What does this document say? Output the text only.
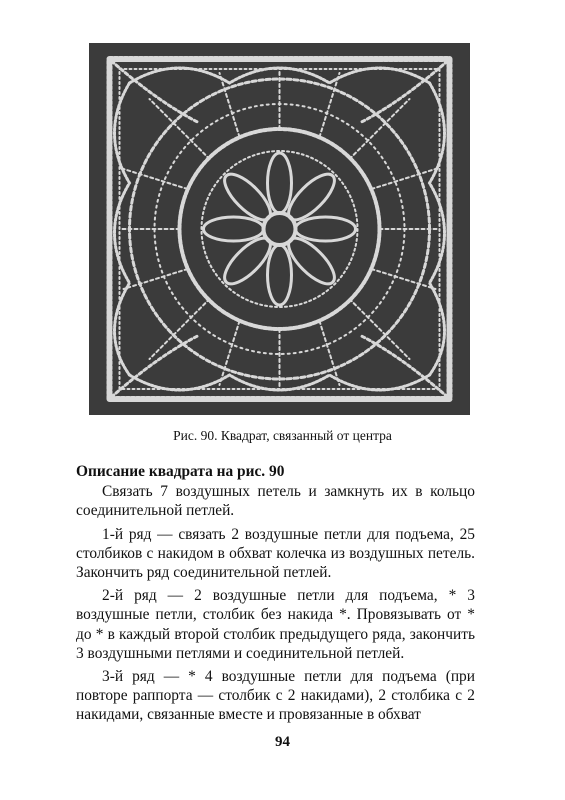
Рис. 90. Квадрат, связанный от центра

Описание квадрата на рис. 90

Связать 7 воздушных петель и замкнуть их в кольцо соединительной петлей.

1-й ряд — связать 2 воздушные петли для подъема, 25 столбиков с накидом в обхват колечка из воздушных петель. Закончить ряд соединительной петлей.

2-й ряд — 2 воздушные петли для подъема, * 3 воздушные петли, столбик без накида *. Провязывать от * до * в каждый второй столбик предыдущего ряда, закончить 3 воздушными петлями и соединительной петлей.

3-й ряд — * 4 воздушные петли для подъема (при повторе раппорта — столбик с 2 накидами), 2 столбика с 2 накидами, связанные вместе и провязанные в обхват

94
